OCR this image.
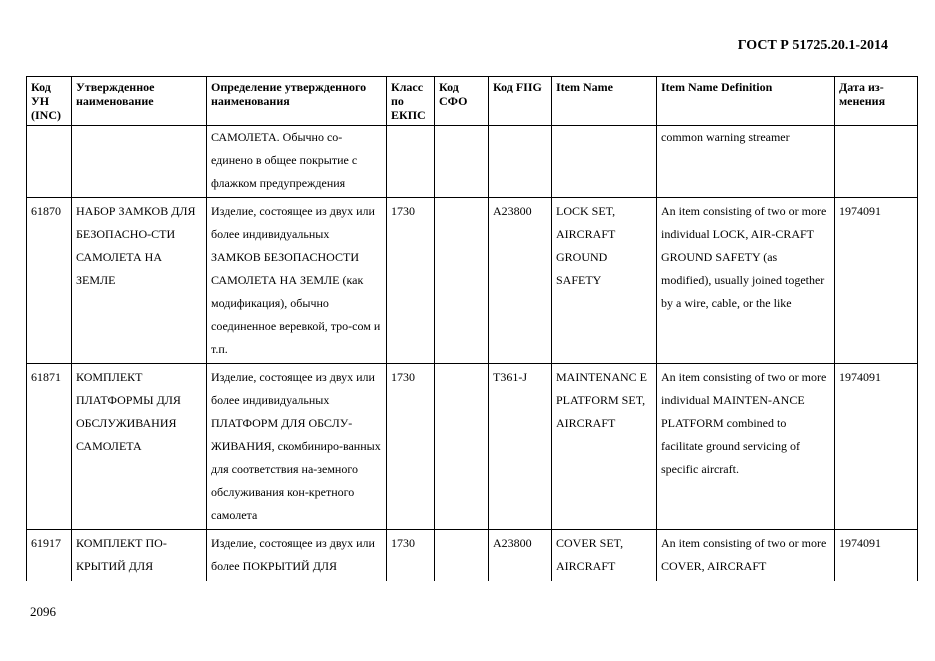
ГОСТ Р 51725.20.1-2014
Код УН (INC)	Утвержденное наименование	Определение утвержденного наименования	Класс по ЕКПС	Код СФО	Код FIIG	Item Name	Item Name Definition	Дата из-менения
		САМОЛЕТА. Обычно со-единено в общее покрытие с флажком предупреждения					common warning streamer	
61870	НАБОР ЗАМКОВ ДЛЯ БЕЗОПАСНО-СТИ САМОЛЕТА НА ЗЕМЛЕ	Изделие, состоящее из двух или более индивидуальных ЗАМКОВ БЕЗОПАСНОСТИ САМОЛЕТА НА ЗЕМЛЕ (как модификация), обычно соединенное веревкой, тро-сом и т.п.	1730		A23800	LOCK SET, AIRCRAFT GROUND SAFETY	An item consisting of two or more individual LOCK, AIR-CRAFT GROUND SAFETY (as modified), usually joined together by a wire, cable, or the like	1974091
61871	КОМПЛЕКТ ПЛАТФОРМЫ ДЛЯ ОБСЛУЖИВАНИЯ САМОЛЕТА	Изделие, состоящее из двух или более индивидуальных ПЛАТФОРМ ДЛЯ ОБСЛУ-ЖИВАНИЯ, скомбиниро-ванных для соответствия на-земного обслуживания кон-кретного самолета	1730		T361-J	MAINTENANC E PLATFORM SET, AIRCRAFT	An item consisting of two or more individual MAINTEN-ANCE PLATFORM combined to facilitate ground servicing of specific aircraft.	1974091
61917	КОМПЛЕКТ ПО-КРЫТИЙ ДЛЯ	Изделие, состоящее из двух или более ПОКРЫТИЙ ДЛЯ	1730		A23800	COVER SET, AIRCRAFT	An item consisting of two or more COVER, AIRCRAFT	1974091
2096
